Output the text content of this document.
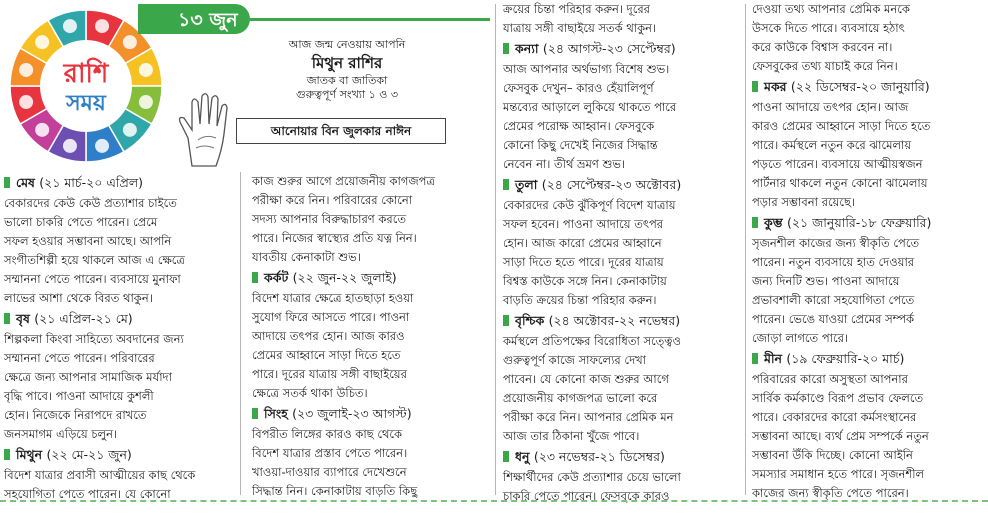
রাশি
সময়
১৩ জুন
আজ জন্ম নেওয়ায় আপনি
মিথুন রাশির
জাতক বা জাতিকা
গুরুত্বপূর্ণ সংখ্যা ১ ও ৩
আনোয়ার বিন জুলকার নাঈন
মেষ (২১ মার্চ-২০ এপ্রিল)
বেকারদের কেউ কেউ প্রত্যাশার চাইতে
ভালো চাকরি পেতে পারেন। প্রেমে
সফল হওয়ার সম্ভাবনা আছে। আপনি
সংগীতশিল্পী হয়ে থাকলে আজ এ ক্ষেত্রে
সম্মাননা পেতে পারেন। ব্যবসায়ে মুনাফা
লাভের আশা থেকে বিরত থাকুন।
বৃষ (২১ এপ্রিল-২১ মে)
শিল্পকলা কিংবা সাহিত্যে অবদানের জন্য
সম্মাননা পেতে পারেন। পরিবারের
ক্ষেত্রে জন্য আপনার সামাজিক মর্যাদা
বৃদ্ধি পাবে। পাওনা আদায়ে কুশলী
হোন। নিজেকে নিরাপদে রাখতে
জনসমাগম এড়িয়ে চলুন।
মিথুন (২২ মে-২১ জুন)
বিদেশ যাত্রার প্রবাসী আত্মীয়ের কাছ থেকে
সহযোগিতা পেতে পারেন। যে কোনো
কাজ শুরুর আগে প্রয়োজনীয় কাগজপত্র
পরীক্ষা করে নিন। পরিবারের কোনো
সদস্য আপনার বিরুদ্ধাচারণ করতে
পারে। নিজের স্বাস্থ্যের প্রতি যত্ন নিন।
যাবতীয় কেনাকাটা শুভ।
কর্কট (২২ জুন-২২ জুলাই)
বিদেশ যাত্রার ক্ষেত্রে হাতছাড়া হওয়া
সুযোগ ফিরে আসতে পারে। পাওনা
আদায়ে তৎপর হোন। আজ কারও
প্রেমের আহ্বানে সাড়া দিতে হতে
পারে। দূরের যাত্রায় সঙ্গী বাছাইয়ের
ক্ষেত্রে সতর্ক থাকা উচিত।
সিংহ (২৩ জুলাই-২৩ আগস্ট)
বিপরীত লিঙ্গের কারও কাছ থেকে
বিদেশ যাত্রার প্রস্তাব পেতে পারেন।
খাওয়া-দাওয়ার ব্যাপারে দেখেশুনে
সিদ্ধান্ত নিন। কেনাকাটায় বাড়তি কিছু
ক্রয়ের চিন্তা পরিহার করুন। দূরের
যাত্রায় সঙ্গী বাছাইয়ে সতর্ক থাকুন।
কন্যা (২৪ আগস্ট-২৩ সেপ্টেম্বর)
আজ আপনার অর্থভাগ্য বিশেষ শুভ।
ফেসবুক দেখুন– কারও হেঁয়ালিপূর্ণ
মন্তব্যের আড়ালে লুকিয়ে থাকতে পারে
প্রেমের পরোক্ষ আহ্বান। ফেসবুকে
কোনো কিছু দেখেই নিজের সিদ্ধান্ত
নেবেন না। তীর্থ ভ্রমণ শুভ।
তুলা (২৪ সেপ্টেম্বর-২৩ অক্টোবর)
বেকারদের কেউ ঝুঁকিপূর্ণ বিদেশ যাত্রায়
সফল হবেন। পাওনা আদায়ে তৎপর
হোন। আজ কারো প্রেমের আহ্বানে
সাড়া দিতে হতে পারে। দূরের যাত্রায়
বিশ্বস্ত কাউকে সঙ্গে নিন। কেনাকাটায়
বাড়তি ক্রয়ের চিন্তা পরিহার করুন।
বৃশ্চিক (২৪ অক্টোবর-২২ নভেম্বর)
কর্মস্থলে প্রতিপক্ষের বিরোধিতা সত্ত্বেও
গুরুত্বপূর্ণ কাজে সাফল্যের দেখা
পাবেন। যে কোনো কাজ শুরুর আগে
প্রয়োজনীয় কাগজপত্র ভালো করে
পরীক্ষা করে নিন। আপনার প্রেমিক মন
আজ তার ঠিকানা খুঁজে পাবে।
ধনু (২৩ নভেম্বর-২১ ডিসেম্বর)
শিক্ষার্থীদের কেউ প্রত্যাশার চেয়ে ভালো
চাকরি পেতে পারেন। ফেসবুকে কারও
দেওয়া তথ্য আপনার প্রেমিক মনকে
উসকে দিতে পারে। ব্যবসায়ে হঠাৎ
করে কাউকে বিশ্বাস করবেন না।
ফেসবুকের তথ্য যাচাই করে নিন।
মকর (২২ ডিসেম্বর-২০ জানুয়ারি)
পাওনা আদায়ে তৎপর হোন। আজ
কারও প্রেমের আহ্বানে সাড়া দিতে হতে
পারে। কর্মস্থলে নতুন করে ঝামেলায়
পড়তে পারেন। ব্যবসায়ে আত্মীয়স্বজন
পার্টনার থাকলে নতুন কোনো ঝামেলায়
পড়ার সম্ভাবনা রয়েছে।
কুম্ভ (২১ জানুয়ারি-১৮ ফেব্রুয়ারি)
সৃজনশীল কাজের জন্য স্বীকৃতি পেতে
পারেন। নতুন ব্যবসায়ে হাত দেওয়ার
জন্য দিনটি শুভ। পাওনা আদায়ে
প্রভাবশালী কারো সহযোগিতা পেতে
পারেন। ভেঙে যাওয়া প্রেমের সম্পর্ক
জোড়া লাগতে পারে।
মীন (১৯ ফেব্রুয়ারি-২০ মার্চ)
পরিবারের কারো অসুস্থতা আপনার
সার্বিক কর্মকাণ্ডে বিরূপ প্রভাব ফেলতে
পারে। বেকারদের কারো কর্মসংস্থানের
সম্ভাবনা আছে। ব্যর্থ প্রেম সম্পর্কে নতুন
সম্ভাবনা উঁকি দিচ্ছে। কোনো আইনি
সমস্যার সমাধান হতে পারে। সৃজনশীল
কাজের জন্য স্বীকৃতি পেতে পারেন।
